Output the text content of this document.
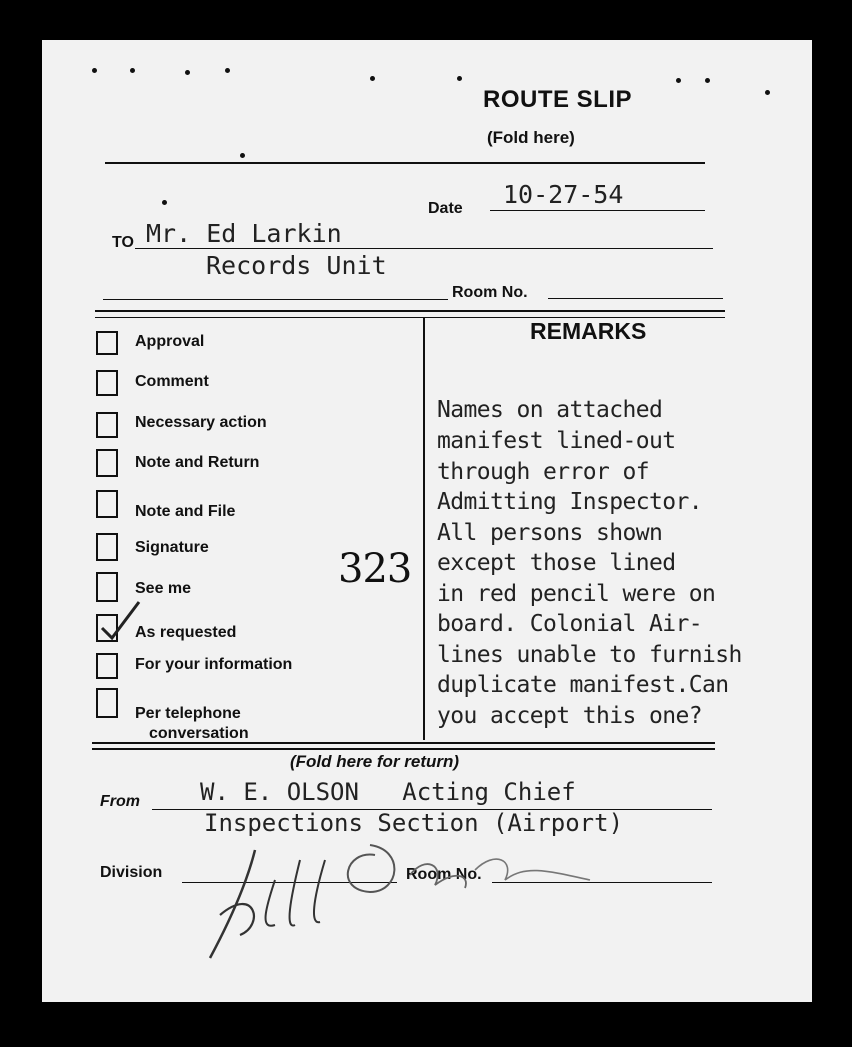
ROUTE SLIP
(Fold here)
Date 10-27-54
TO Mr. Ed Larkin
Records Unit
Room No.
REMARKS
Approval
Comment
Necessary action
Note and Return
Note and File
Signature
See me
As requested
For your information
Per telephone conversation
323
Names on attached
manifest lined-out
through error of
Admitting Inspector.
All persons shown
except those lined
in red pencil were on
board. Colonial Air-
lines unable to furnish
duplicate manifest.Can
you accept this one?
(Fold here for return)
From	W. E. OLSON   Acting Chief
Inspections Section (Airport)
Division	Room No.
